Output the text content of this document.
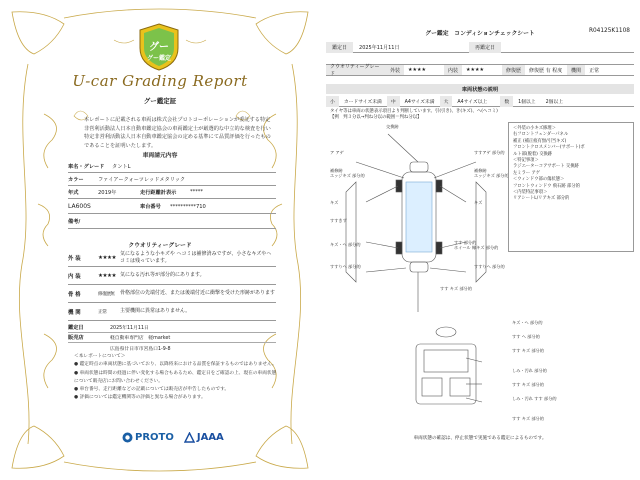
グー
グー鑑定
U-car Grading Report
グー鑑定証
本レポートに記載される車両は株式会社プロトコーポレーションが委託する特定非営利活動法人日本自動車鑑定協会の車両鑑定士が厳選的な中立的な検査を行い特定非営利活動法人日本自動車鑑定協会の定める基準にて品質評価を行ったものであることを証明いたします。
車両請元内容
車名・グレード	タントL
カラー	ファイアークォーツレッドメタリック
年式	2019年	走行距離計表示	*****
LA600S	車台番号	**********710
備考/
クウオリティーグレード
外 装	★★★★
気になるような小キズや ヘコミは補修済みですが、小さなキズやヘコミは残っています。
内 装	★★★★ 気になる汚れ等が部分的にあります。
骨 格	修復歴無	骨格部位の先端付近、または後端付近に衝撃を受けた形跡があります
機 関	正常	主要機関に異常はありません。
鑑定日	2025年11月11日
販売店	軽自動車専門店　軽market
広島県廿日市市宮島口1-9-8
＜本レポートについて＞
● 鑑定時点の車両状態に基づいており、以降将来における品質を保証するものではありません。
● 車両状態は時間の経過に伴い変化する場合もあるため、鑑定日をご確認の上、現在の車両状態について販売店にお問い合わせください。
● 車台番号、走行距離などの記載については販売店が申告したものです。
● 評価については鑑定機関等の評価と異なる場合があります。
PROTO JAAA
グー鑑定　コンディションチェックシート	R04125K1108
鑑定日	2025年11月11日	再鑑定日
クウオリティーグレード
外装	★★★★	内装	★★★★	修復歴	修復歴 有 程度	機関	正常
車両状態の説明
小	カードサイズ未満	中	A4サイズ未満	大	A4サイズ以上	数	1個以上	2個以上
タイヤ等は車両の状態表示項目より判断しています。引(引き)、き(キズ)、ヘ(ヘコミ)
【例　判３分以→判ね分以の範囲＝判ね分以】
交換跡
ア アゲ
補修跡
エッジキズ 部分的
キズ
すすきず
キズ・ヘ 部分的
すすアゲ 部分的
補修跡
エッジキズ 部分的
キズ
すす 部分的
ホイール 線キズ 部分的
すすりヘ 部分的	すすりヘ 部分的
すす キズ 部分的
キズ・ヘ 部分的
すす ヘ 部分的
すす キズ 部分的
しみ・汚れ 部分的
すす キズ 部分的
しみ・汚れ すす 部分的
すす キズ 部分的
＜外装の小キズ修理＞
右フロントフェンダーパネル
補正 (補正痕有無/引当キズ)
フロントクロスメンバー(サポート)ボ
ルト部(脱着) 交換跡
＜特記事項＞
ラジエーターコアサポート 交換跡
左ミラー アゲ
＜ウィンドウ部の傷状態＞
フロントウィンドウ 飛石跡 部分的
＜内装特記事項＞
リアシートL/リアキズ 部分的
車両状態の確認は、停止状態で実施である鑑定によるものです。
